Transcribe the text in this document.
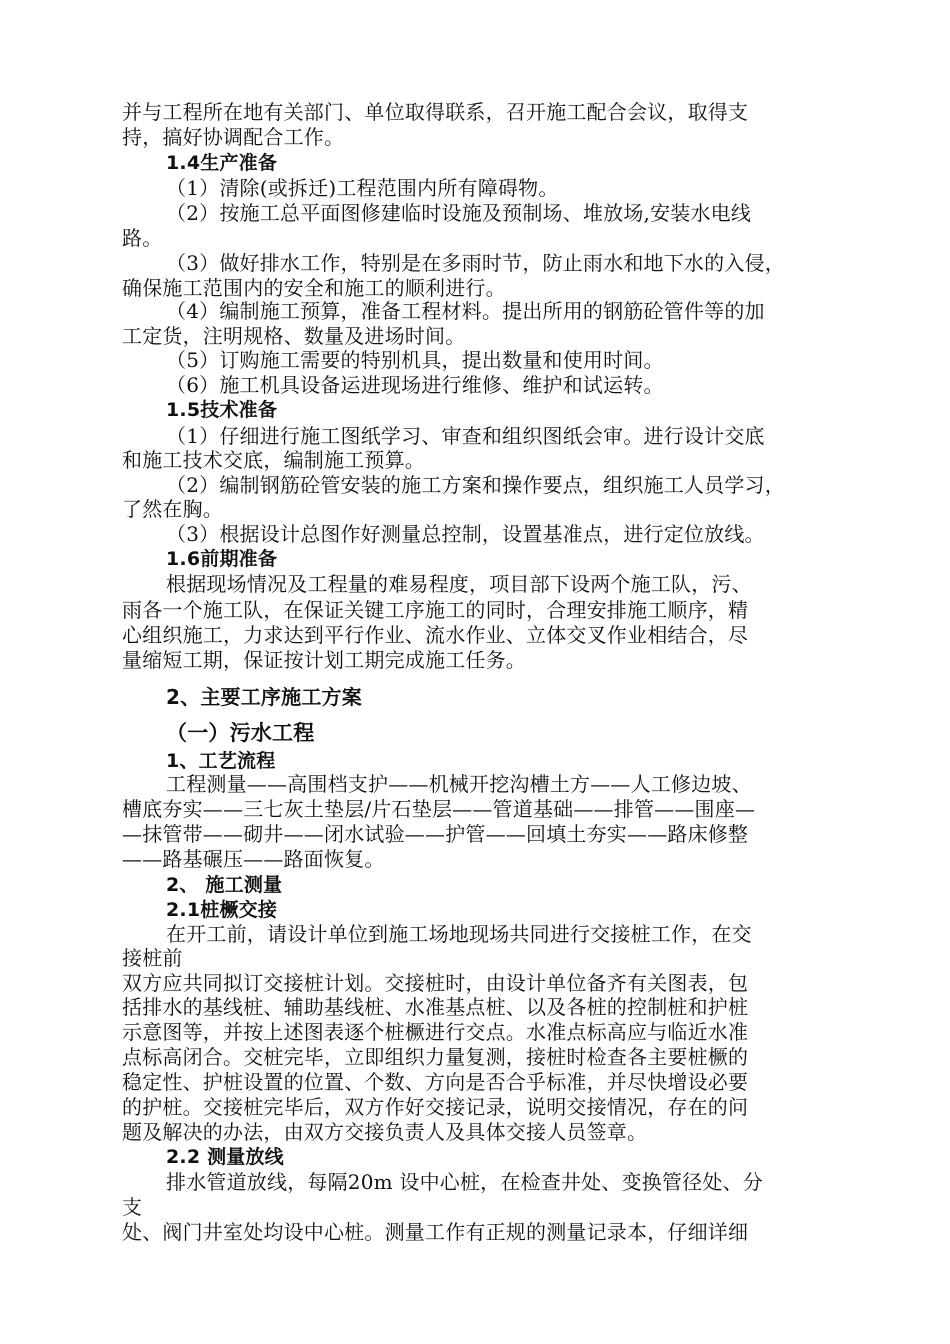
并与工程所在地有关部门、单位取得联系，召开施工配合会议，取得支
持，搞好协调配合工作。
1.4生产准备
（1）清除(或拆迁)工程范围内所有障碍物。
（2）按施工总平面图修建临时设施及预制场、堆放场,安装水电线
路。
（3）做好排水工作，特别是在多雨时节，防止雨水和地下水的入侵，
确保施工范围内的安全和施工的顺利进行。
（4）编制施工预算，准备工程材料。提出所用的钢筋砼管件等的加
工定货，注明规格、数量及进场时间。
（5）订购施工需要的特别机具，提出数量和使用时间。
（6）施工机具设备运进现场进行维修、维护和试运转。
1.5技术准备
（1）仔细进行施工图纸学习、审查和组织图纸会审。进行设计交底
和施工技术交底，编制施工预算。
（2）编制钢筋砼管安装的施工方案和操作要点，组织施工人员学习，
了然在胸。
（3）根据设计总图作好测量总控制，设置基准点，进行定位放线。
1.6前期准备
根据现场情况及工程量的难易程度，项目部下设两个施工队，污、
雨各一个施工队，在保证关键工序施工的同时，合理安排施工顺序，精
心组织施工，力求达到平行作业、流水作业、立体交叉作业相结合，尽
量缩短工期，保证按计划工期完成施工任务。
2、主要工序施工方案
（一）污水工程
1、工艺流程
工程测量——高围档支护——机械开挖沟槽土方——人工修边坡、
槽底夯实——三七灰土垫层/片石垫层——管道基础——排管——围座—
—抹管带——砌井——闭水试验——护管——回填土夯实——路床修整
——路基碾压——路面恢复。
2、 施工测量
2.1桩橛交接
在开工前，请设计单位到施工场地现场共同进行交接桩工作，在交
接桩前
双方应共同拟订交接桩计划。交接桩时，由设计单位备齐有关图表，包
括排水的基线桩、辅助基线桩、水准基点桩、以及各桩的控制桩和护桩
示意图等，并按上述图表逐个桩橛进行交点。水准点标高应与临近水准
点标高闭合。交桩完毕，立即组织力量复测，接桩时检查各主要桩橛的
稳定性、护桩设置的位置、个数、方向是否合乎标准，并尽快增设必要
的护桩。交接桩完毕后，双方作好交接记录，说明交接情况，存在的问
题及解决的办法，由双方交接负责人及具体交接人员签章。
2.2 测量放线
排水管道放线，每隔20m 设中心桩，在检查井处、变换管径处、分
支
处、阀门井室处均设中心桩。测量工作有正规的测量记录本，仔细详细
